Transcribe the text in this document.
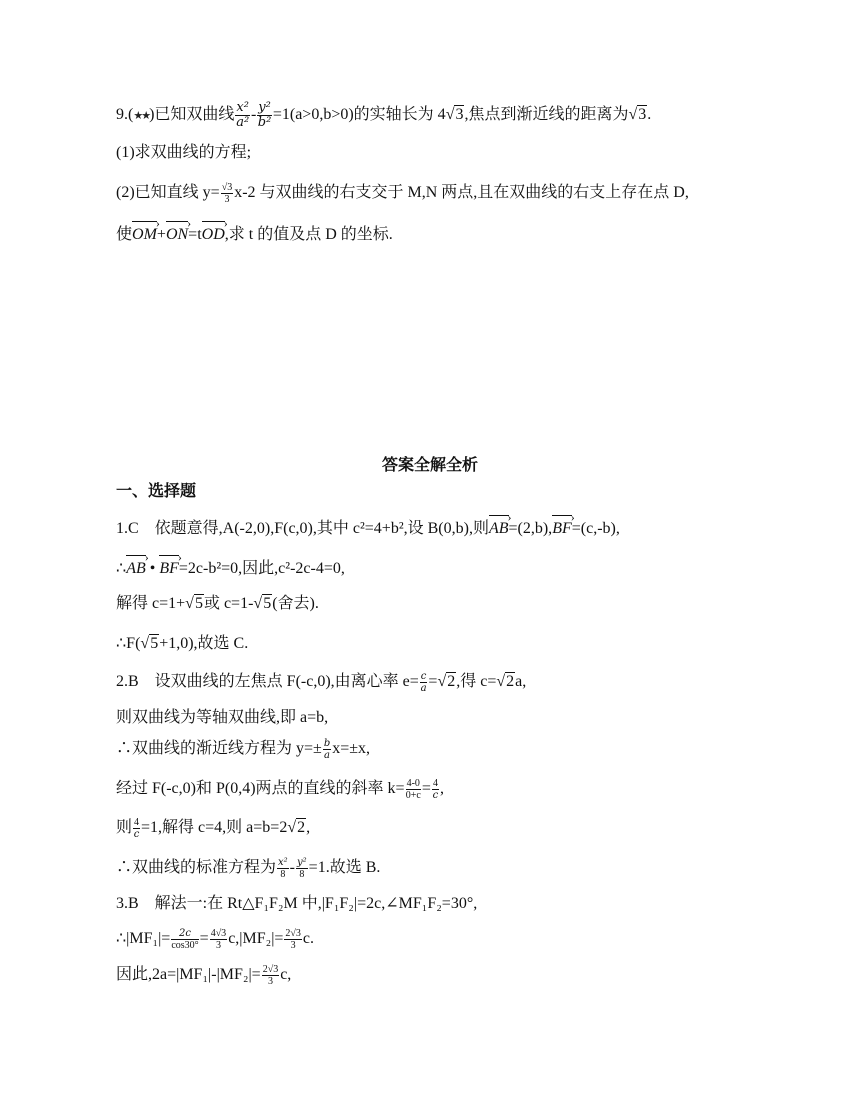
9.(★★)已知双曲线 $\frac{\text{x²}}{\text{a²}} - \frac{\text{y²}}{\text{b²}} =1(a>0,b>0)$的实轴长为 4√3,焦点到渐近线的距离为√3.
(1)求双曲线的方程;
(2)已知直线 $y= \frac{√3}{3} x-2$ 与双曲线的右支交于 M,N 两点,且在双曲线的右支上存在点 D,
使› OM+› ON=t› OD,求 t 的值及点 D 的坐标.
答案全解全析
一、选择题
1.C　依题意得,A(-2,0),F(c,0),其中 c²=4+b²,设 B(0,b),则› AB=(2,b),› BF=(c,-b),
∴› AB • › BF=2c-b²=0,因此,c²-2c-4=0,
解得 c=1+√5或 c=1-√5(舍去).
∴F(√5+1,0),故选 C.
2.B　设双曲线的左焦点 F(-c,0),由离心率 $e= \frac{c}{a} =√2$,得 c=√2a,
则双曲线为等轴双曲线,即 a=b,
∴双曲线的渐近线方程为 $y=\pm \frac{b}{a} x=\pm x$,
经过 F(-c,0)和 P(0,4)两点的直线的斜率 $k= \frac{4-0}{0+c} = \frac{4}{c}$ ,
则 $\frac{4}{c} =1$,解得 c=4,则 a=b=2√2,
∴双曲线的标准方程为 $\frac{\text{x²}}{8} - \frac{\text{y²}}{8} =1$.故选 B.
3.B　解法一:在 Rt△F₁F₂M 中,|F₁F₂|=2c,∠MF₁F₂=30°,
∴|MF₁|= $\frac{2c}{\cos 30^\circ} = \frac{4√3}{3} c,|MF_2|= \frac{2√3}{3} c$.
因此$,2a=|MF_1|-|MF_2|= \frac{2√3}{3} c$,
